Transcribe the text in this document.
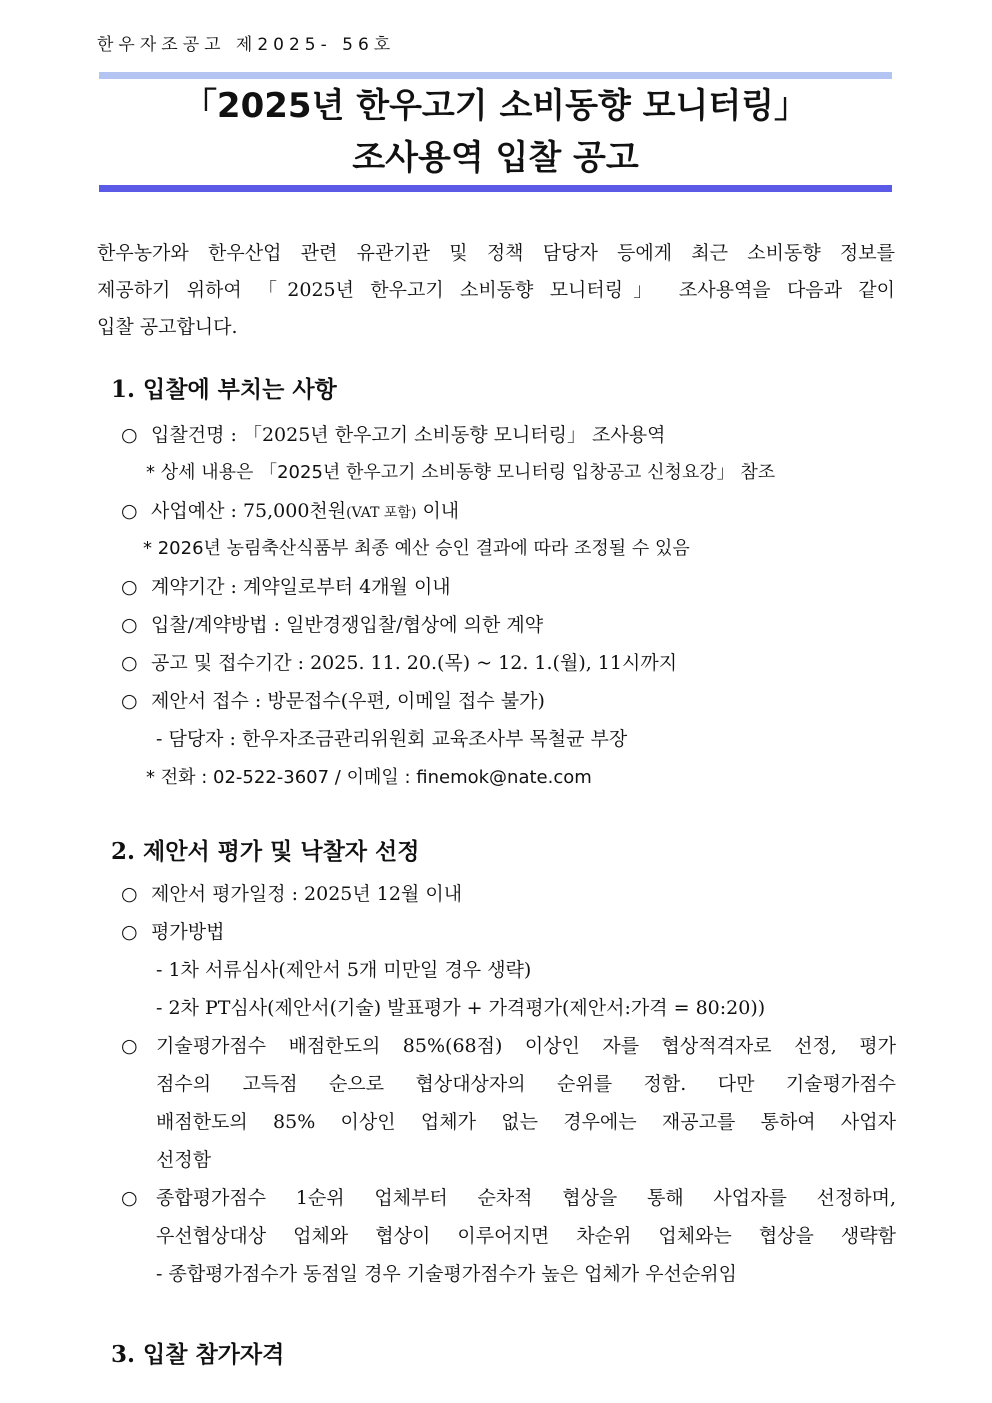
한우자조공고 제2025- 56호
「2025년 한우고기 소비동향 모니터링」
조사용역 입찰 공고
한우농가와 한우산업 관련 유관기관 및 정책 담당자 등에게 최근 소비동향 정보를
제공하기 위하여 「2025년 한우고기 소비동향 모니터링」 조사용역을 다음과 같이
입찰 공고합니다.
1. 입찰에 부치는 사항
○ 입찰건명 : 「2025년 한우고기 소비동향 모니터링」 조사용역
* 상세 내용은 「2025년 한우고기 소비동향 모니터링 입창공고 신청요강」 참조
○ 사업예산 : 75,000천원(VAT 포함) 이내
* 2026년 농림축산식품부 최종 예산 승인 결과에 따라 조정될 수 있음
○ 계약기간 : 계약일로부터 4개월 이내
○ 입찰/계약방법 : 일반경쟁입찰/협상에 의한 계약
○ 공고 및 접수기간 : 2025. 11. 20.(목) ~ 12. 1.(월), 11시까지
○ 제안서 접수 : 방문접수(우편, 이메일 접수 불가)
- 담당자 : 한우자조금관리위원회 교육조사부 목철균 부장
* 전화 : 02-522-3607 / 이메일 : finemok@nate.com
2. 제안서 평가 및 낙찰자 선정
○ 제안서 평가일정 : 2025년 12월 이내
○ 평가방법
- 1차 서류심사(제안서 5개 미만일 경우 생략)
- 2차 PT심사(제안서(기술) 발표평가 + 가격평가(제안서:가격 = 80:20))
○ 기술평가점수 배점한도의 85%(68점) 이상인 자를 협상적격자로 선정, 평가
점수의 고득점 순으로 협상대상자의 순위를 정함. 다만 기술평가점수
배점한도의 85% 이상인 업체가 없는 경우에는 재공고를 통하여 사업자
선정함
○ 종합평가점수 1순위 업체부터 순차적 협상을 통해 사업자를 선정하며,
우선협상대상 업체와 협상이 이루어지면 차순위 업체와는 협상을 생략함
- 종합평가점수가 동점일 경우 기술평가점수가 높은 업체가 우선순위임
3. 입찰 참가자격
